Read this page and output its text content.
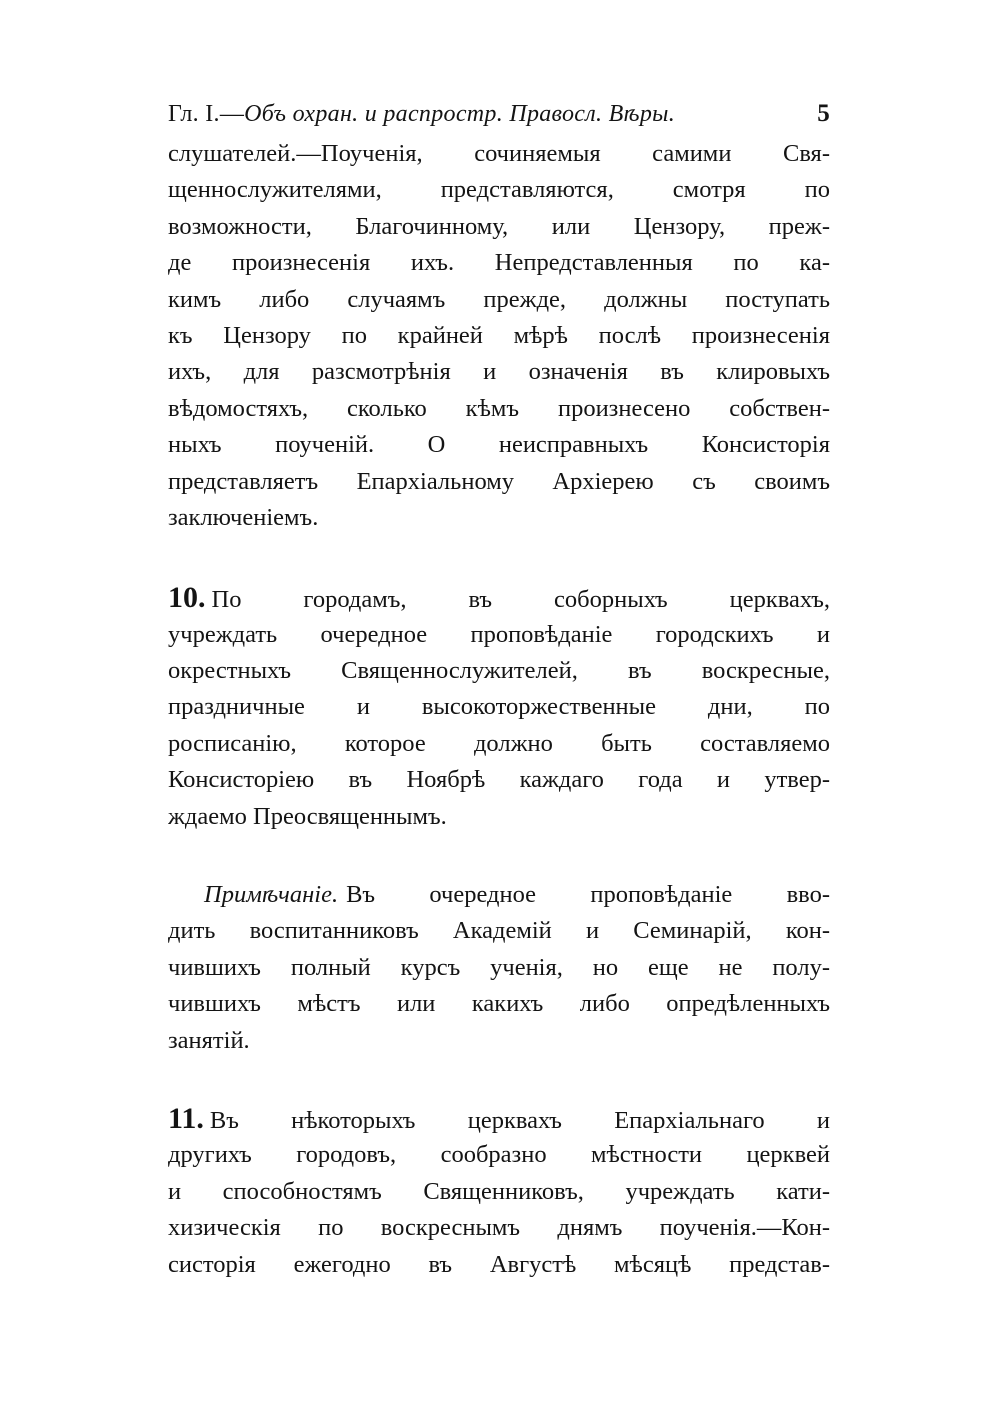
Гл. I.—Объ охран. и распростр. Правосл. Вѣры.	5
слушателей.—Поученія, сочиняемыя самими Свя-
щеннослужителями, представляются, смотря по
возможности, Благочинному, или Цензору, преж-
де произнесенія ихъ. Непредставленныя по ка-
кимъ либо случаямъ прежде, должны поступать
къ Цензору по крайней мѣрѣ послѣ произнесенія
ихъ, для разсмотрѣнія и означенія въ клировыхъ
вѣдомостяхъ, сколько кѣмъ произнесено собствен-
ныхъ поученій. О неисправныхъ Консисторія
представляетъ Епархіальному Архіерею съ своимъ
заключеніемъ.
10. По городамъ, въ соборныхъ церквахъ,
учреждать очередное проповѣданіе городскихъ и
окрестныхъ Священнослужителей, въ воскресные,
праздничные и высокоторжественные дни, по
росписанію, которое должно быть составляемо
Консисторіею въ Ноябрѣ каждаго года и утвер-
ждаемо Преосвященнымъ.
Примѣчаніе. Въ очередное проповѣданіе вво-
дить воспитанниковъ Академій и Семинарій, кон-
чившихъ полный курсъ ученія, но еще не полу-
чившихъ мѣстъ или какихъ либо опредѣленныхъ
занятій.
11. Въ нѣкоторыхъ церквахъ Епархіальнаго и
другихъ городовъ, сообразно мѣстности церквей
и способностямъ Священниковъ, учреждать кати-
хизическія по воскреснымъ днямъ поученія.—Кон-
систорія ежегодно въ Августѣ мѣсяцѣ представ-
